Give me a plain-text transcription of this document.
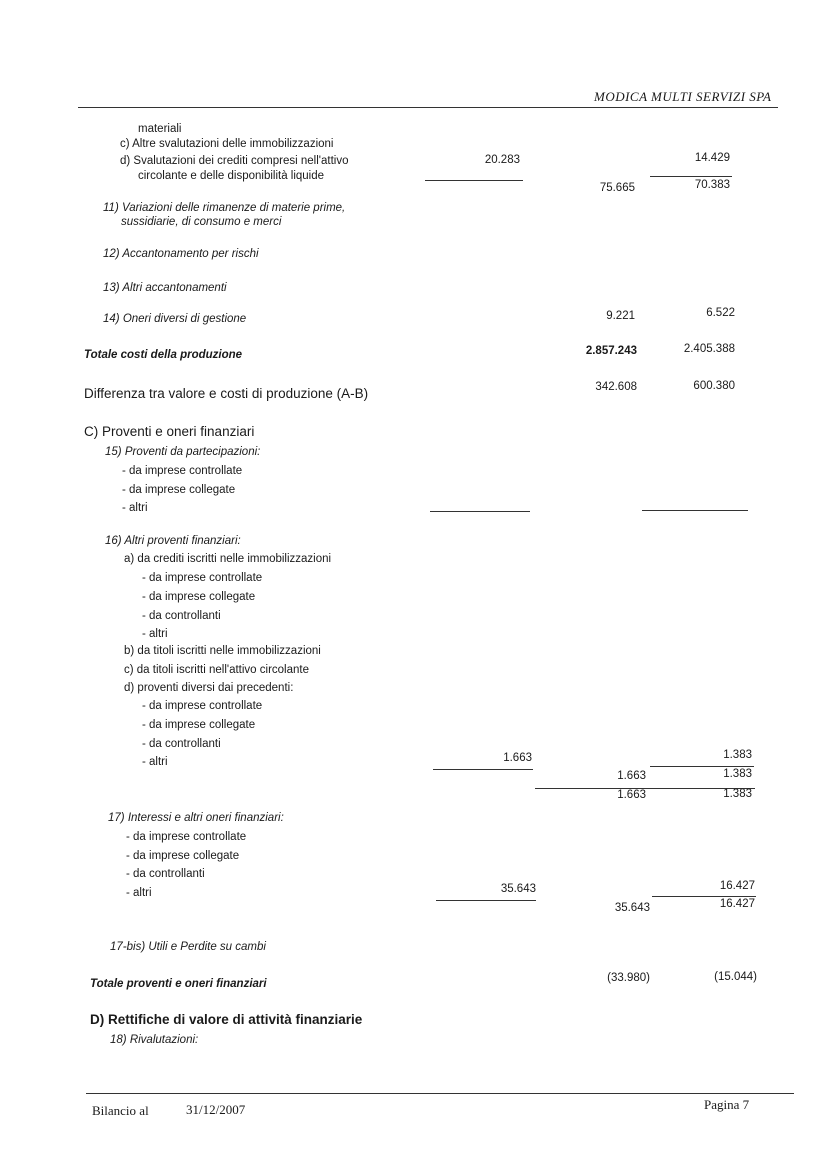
MODICA MULTI SERVIZI SPA
materiali
c) Altre svalutazioni delle immobilizzazioni
d) Svalutazioni dei crediti compresi nell'attivo
circolante e delle disponibilità liquide
20.283	14.429
75.665	70.383
11) Variazioni delle rimanenze di materie prime,
sussidiarie, di consumo e merci
12) Accantonamento per rischi
13) Altri accantonamenti
14) Oneri diversi di gestione	9.221	6.522
Totale costi della produzione	2.857.243	2.405.388
Differenza tra valore e costi di produzione (A-B)	342.608	600.380
C) Proventi e oneri finanziari
15) Proventi da partecipazioni:
- da imprese controllate
- da imprese collegate
- altri
16) Altri proventi finanziari:
a) da crediti iscritti nelle immobilizzazioni
- da imprese controllate
- da imprese collegate
- da controllanti
- altri
b) da titoli iscritti nelle immobilizzazioni
c) da titoli iscritti nell'attivo circolante
d) proventi diversi dai precedenti:
- da imprese controllate
- da imprese collegate
- da controllanti
- altri	1.663	1.383
1.663	1.383
1.663	1.383
17) Interessi e altri oneri finanziari:
- da imprese controllate
- da imprese collegate
- da controllanti
- altri	35.643	16.427
35.643	16.427
17-bis) Utili e Perdite su cambi
Totale proventi e oneri finanziari	(33.980)	(15.044)
D) Rettifiche di valore di attività finanziarie
18) Rivalutazioni:
Bilancio al	31/12/2007	Pagina 7
